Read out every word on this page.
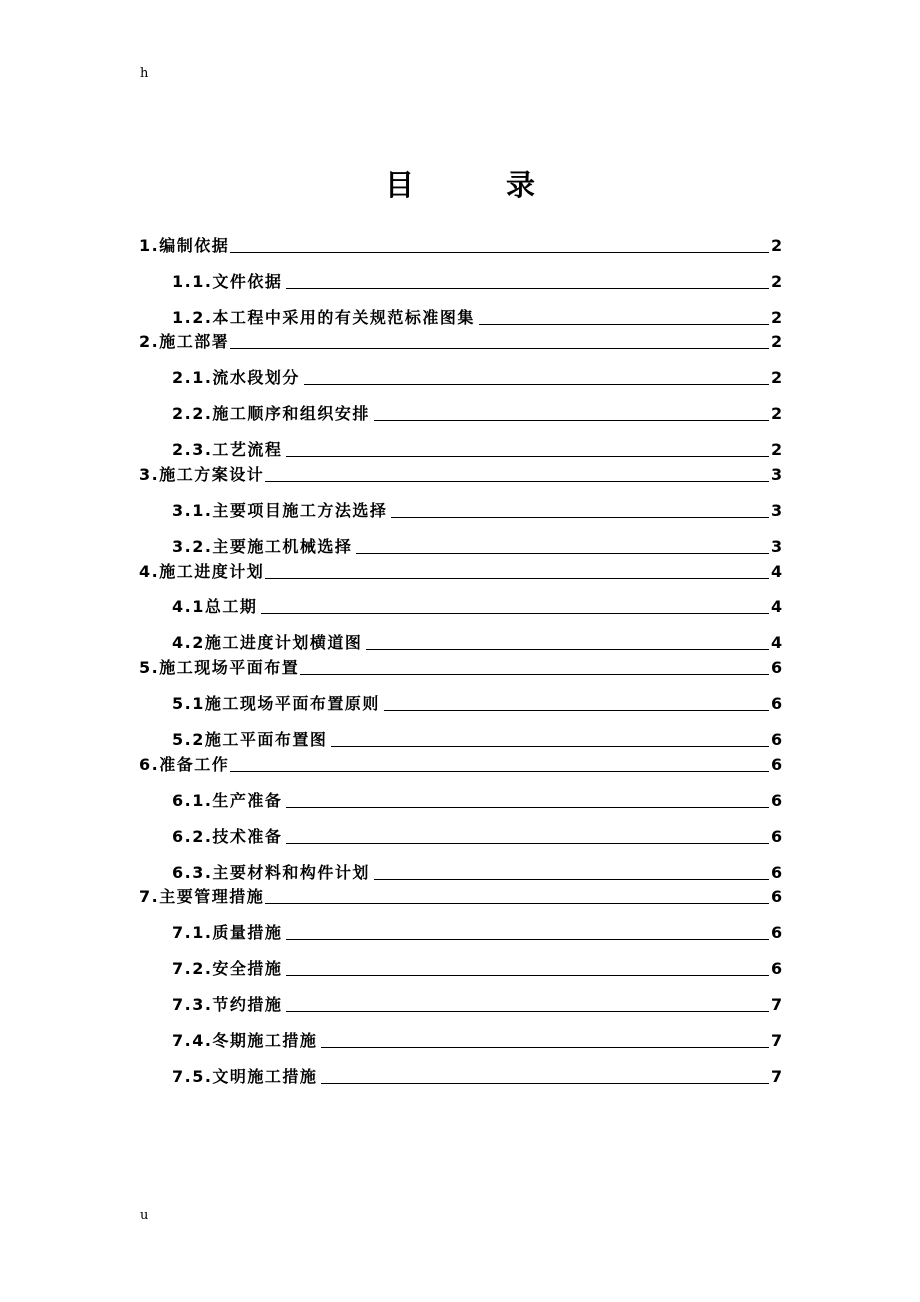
h
目录
1.编制依据	2
1.1.文件依据	2
1.2.本工程中采用的有关规范标准图集	2
2.施工部署	2
2.1.流水段划分	2
2.2.施工顺序和组织安排	2
2.3.工艺流程	2
3.施工方案设计	3
3.1.主要项目施工方法选择	3
3.2.主要施工机械选择	3
4.施工进度计划	4
4.1总工期	4
4.2施工进度计划横道图	4
5.施工现场平面布置	6
5.1施工现场平面布置原则	6
5.2施工平面布置图	6
6.准备工作	6
6.1.生产准备	6
6.2.技术准备	6
6.3.主要材料和构件计划	6
7.主要管理措施	6
7.1.质量措施	6
7.2.安全措施	6
7.3.节约措施	7
7.4.冬期施工措施	7
7.5.文明施工措施	7
u
